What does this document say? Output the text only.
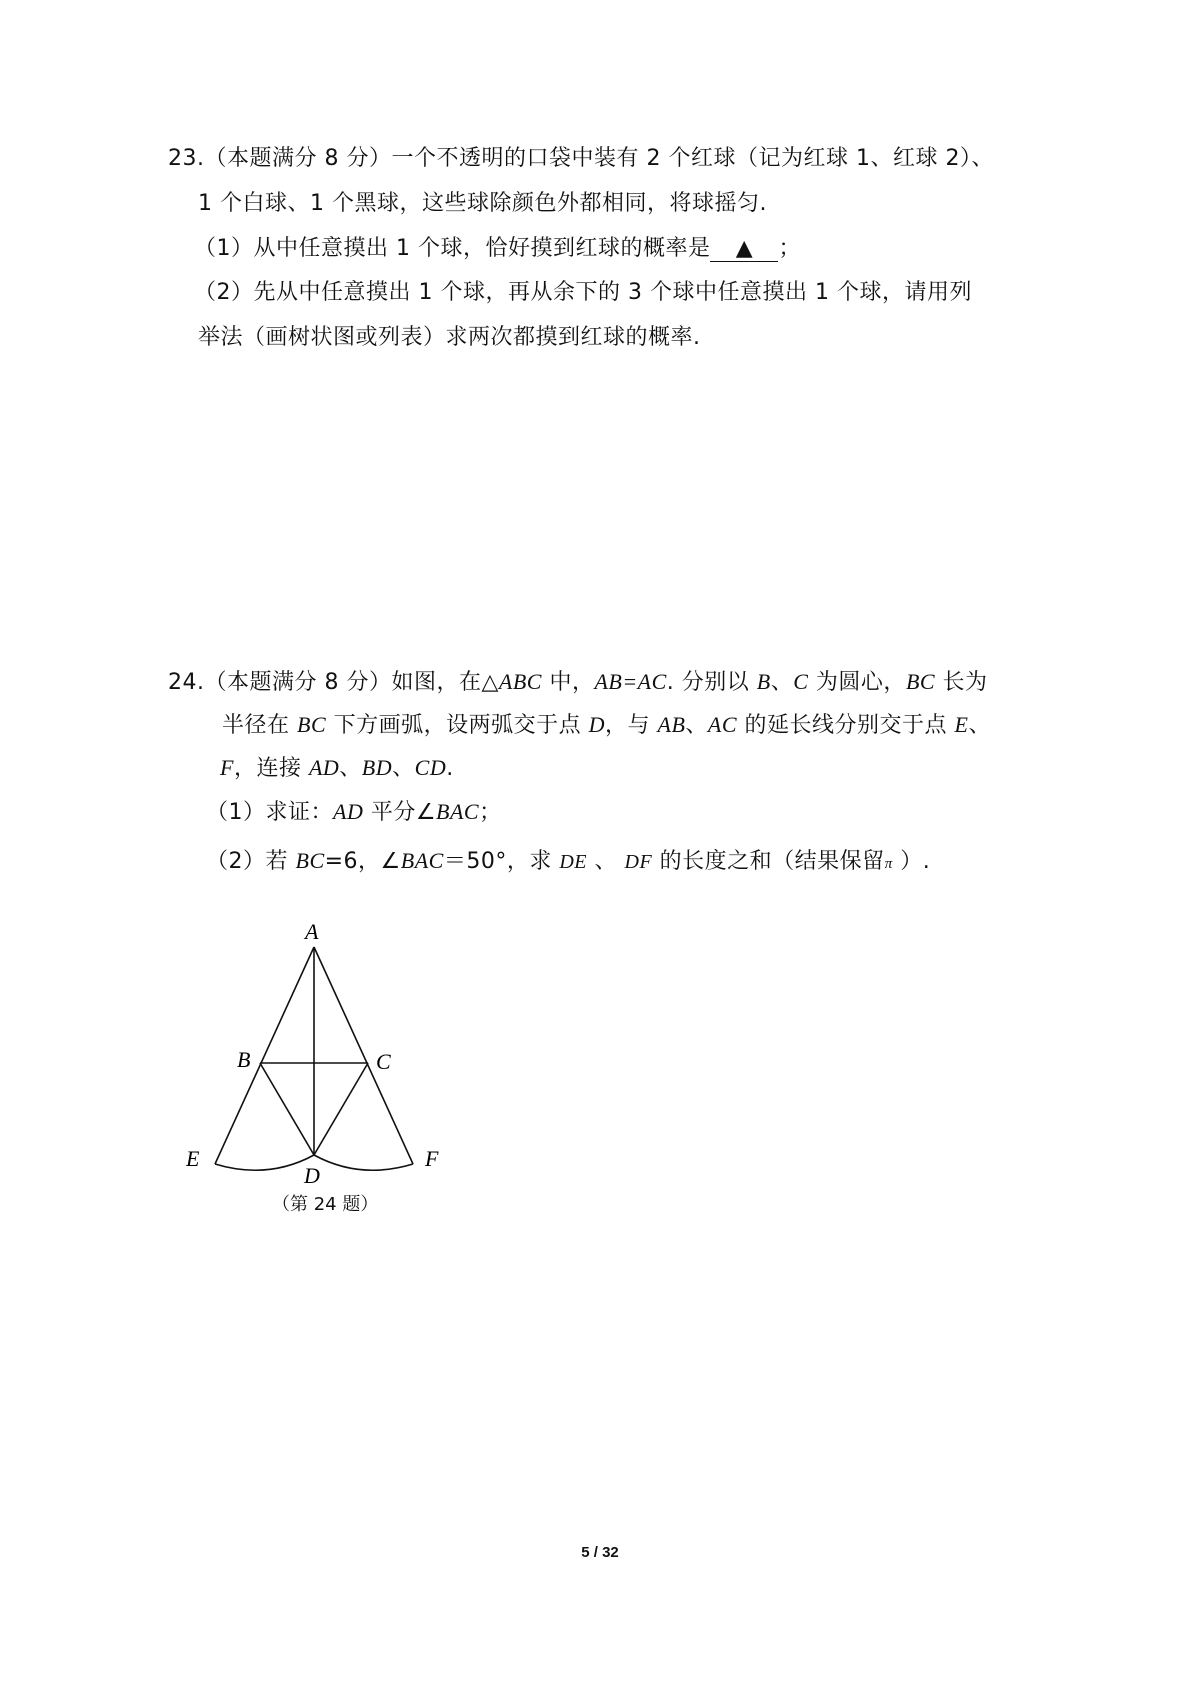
23.（本题满分 8 分）一个不透明的口袋中装有 2 个红球（记为红球 1、红球 2）、
1 个白球、1 个黑球，这些球除颜色外都相同，将球摇匀.
（1）从中任意摸出 1 个球，恰好摸到红球的概率是 ▲ ；
（2）先从中任意摸出 1 个球，再从余下的 3 个球中任意摸出 1 个球，请用列
举法（画树状图或列表）求两次都摸到红球的概率.
24.（本题满分 8 分）如图，在△ABC 中，AB=AC. 分别以 B、C 为圆心，BC 长为
半径在 BC 下方画弧，设两弧交于点 D，与 AB、AC 的延长线分别交于点 E、
F，连接 AD、BD、CD.
（1）求证：AD 平分∠BAC；
（2）若 BC=6，∠BAC＝50°，求 DE 、 DF 的长度之和（结果保留π ）.
A
B	C
D
E	F
（第 24 题）
5 / 32
